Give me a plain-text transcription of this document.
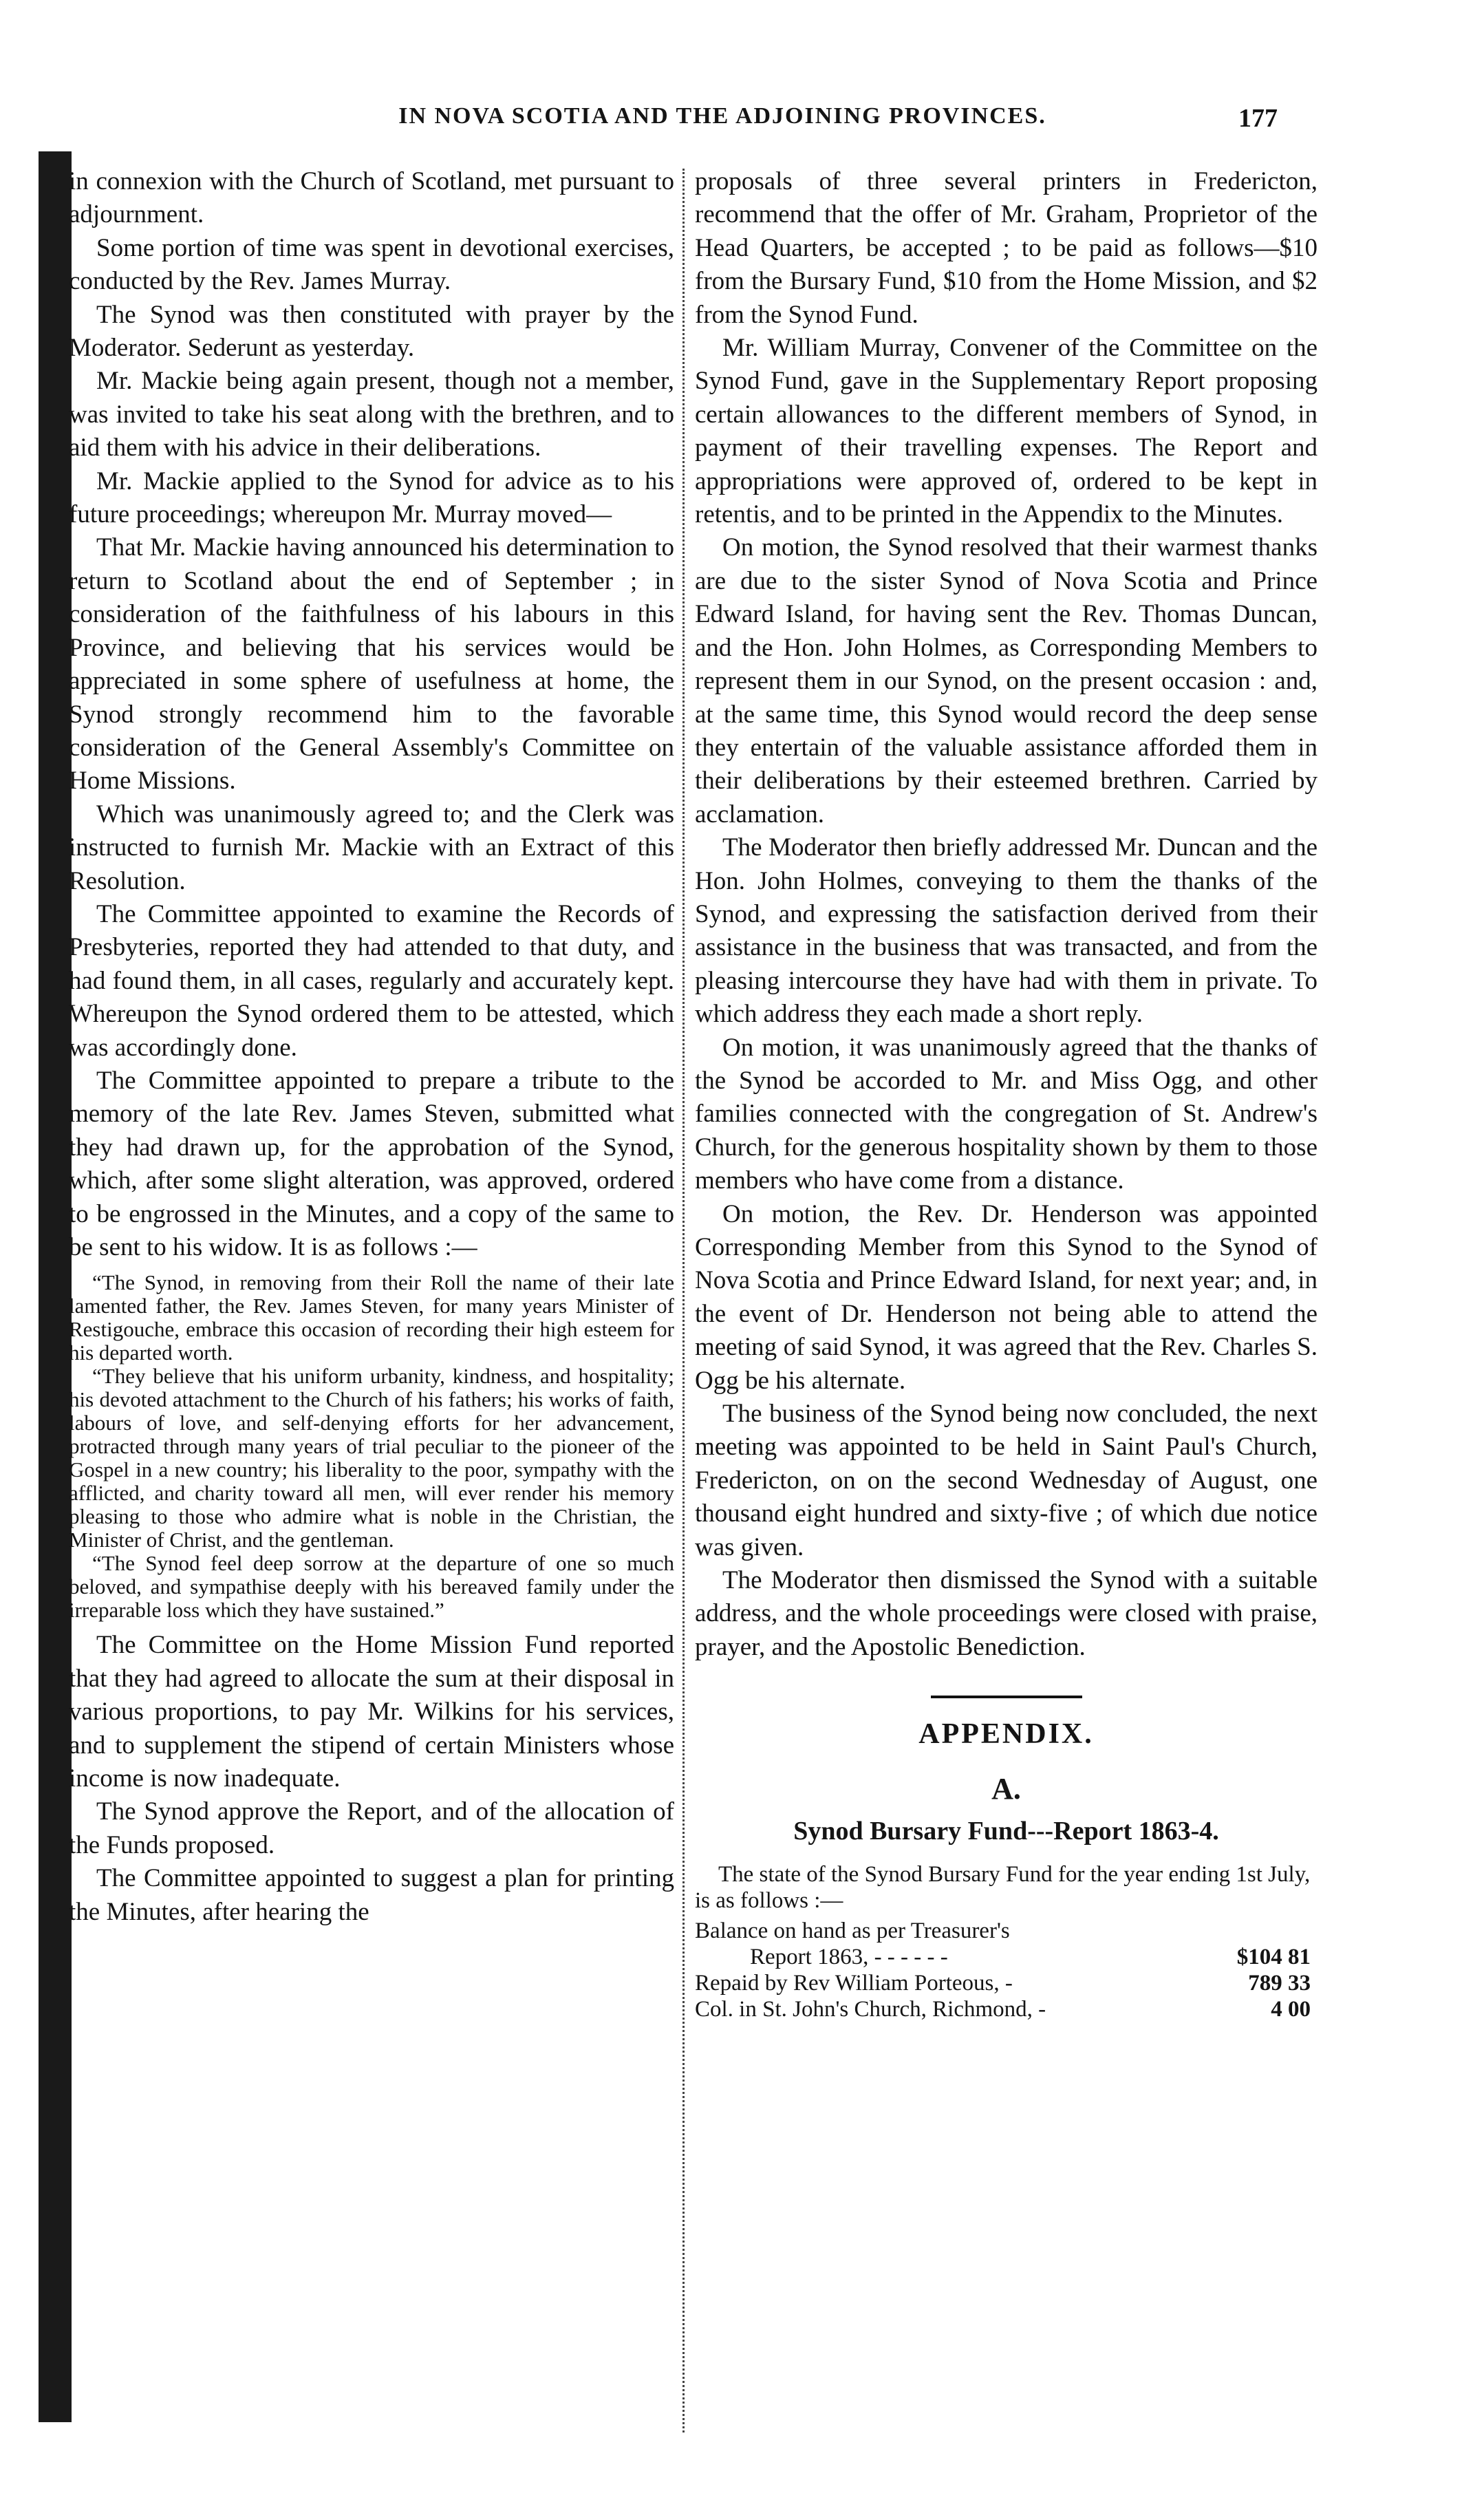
IN NOVA SCOTIA AND THE ADJOINING PROVINCES.	177

in connexion with the Church of Scotland, met pursuant to adjournment.

Some portion of time was spent in devotional exercises, conducted by the Rev. James Murray.

The Synod was then constituted with prayer by the Moderator. Sederunt as yesterday.

Mr. Mackie being again present, though not a member, was invited to take his seat along with the brethren, and to aid them with his advice in their deliberations.

Mr. Mackie applied to the Synod for advice as to his future proceedings; whereupon Mr. Murray moved—

That Mr. Mackie having announced his determination to return to Scotland about the end of September ; in consideration of the faithfulness of his labours in this Province, and believing that his services would be appreciated in some sphere of usefulness at home, the Synod strongly recommend him to the favorable consideration of the General Assembly's Committee on Home Missions.

Which was unanimously agreed to; and the Clerk was instructed to furnish Mr. Mackie with an Extract of this Resolution.

The Committee appointed to examine the Records of Presbyteries, reported they had attended to that duty, and had found them, in all cases, regularly and accurately kept. Whereupon the Synod ordered them to be attested, which was accordingly done.

The Committee appointed to prepare a tribute to the memory of the late Rev. James Steven, submitted what they had drawn up, for the approbation of the Synod, which, after some slight alteration, was approved, ordered to be engrossed in the Minutes, and a copy of the same to be sent to his widow. It is as follows :—

“The Synod, in removing from their Roll the name of their late lamented father, the Rev. James Steven, for many years Minister of Restigouche, embrace this occasion of recording their high esteem for his departed worth.

“They believe that his uniform urbanity, kindness, and hospitality; his devoted attachment to the Church of his fathers; his works of faith, labours of love, and self-denying efforts for her advancement, protracted through many years of trial peculiar to the pioneer of the Gospel in a new country; his liberality to the poor, sympathy with the afflicted, and charity toward all men, will ever render his memory pleasing to those who admire what is noble in the Christian, the Minister of Christ, and the gentleman.

“The Synod feel deep sorrow at the departure of one so much beloved, and sympathise deeply with his bereaved family under the irreparable loss which they have sustained.”

The Committee on the Home Mission Fund reported that they had agreed to allocate the sum at their disposal in various proportions, to pay Mr. Wilkins for his services, and to supplement the stipend of certain Ministers whose income is now inadequate.

The Synod approve the Report, and of the allocation of the Funds proposed.

The Committee appointed to suggest a plan for printing the Minutes, after hearing the

proposals of three several printers in Fredericton, recommend that the offer of Mr. Graham, Proprietor of the Head Quarters, be accepted ; to be paid as follows—$10 from the Bursary Fund, $10 from the Home Mission, and $2 from the Synod Fund.

Mr. William Murray, Convener of the Committee on the Synod Fund, gave in the Supplementary Report proposing certain allowances to the different members of Synod, in payment of their travelling expenses. The Report and appropriations were approved of, ordered to be kept in retentis, and to be printed in the Appendix to the Minutes.

On motion, the Synod resolved that their warmest thanks are due to the sister Synod of Nova Scotia and Prince Edward Island, for having sent the Rev. Thomas Duncan, and the Hon. John Holmes, as Corresponding Members to represent them in our Synod, on the present occasion : and, at the same time, this Synod would record the deep sense they entertain of the valuable assistance afforded them in their deliberations by their esteemed brethren. Carried by acclamation.

The Moderator then briefly addressed Mr. Duncan and the Hon. John Holmes, conveying to them the thanks of the Synod, and expressing the satisfaction derived from their assistance in the business that was transacted, and from the pleasing intercourse they have had with them in private. To which address they each made a short reply.

On motion, it was unanimously agreed that the thanks of the Synod be accorded to Mr. and Miss Ogg, and other families connected with the congregation of St. Andrew's Church, for the generous hospitality shown by them to those members who have come from a distance.

On motion, the Rev. Dr. Henderson was appointed Corresponding Member from this Synod to the Synod of Nova Scotia and Prince Edward Island, for next year; and, in the event of Dr. Henderson not being able to attend the meeting of said Synod, it was agreed that the Rev. Charles S. Ogg be his alternate.

The business of the Synod being now concluded, the next meeting was appointed to be held in Saint Paul's Church, Fredericton, on on the second Wednesday of August, one thousand eight hundred and sixty-five ; of which due notice was given.

The Moderator then dismissed the Synod with a suitable address, and the whole proceedings were closed with praise, prayer, and the Apostolic Benediction.

APPENDIX.
A.
Synod Bursary Fund---Report 1863-4.

The state of the Synod Bursary Fund for the year ending 1st July, is as follows :—

Balance on hand as per Treasurer's
Report 1863, - - - - - -	$104 81
Repaid by Rev William Porteous, -	789 33
Col. in St. John's Church, Richmond, -	4 00
